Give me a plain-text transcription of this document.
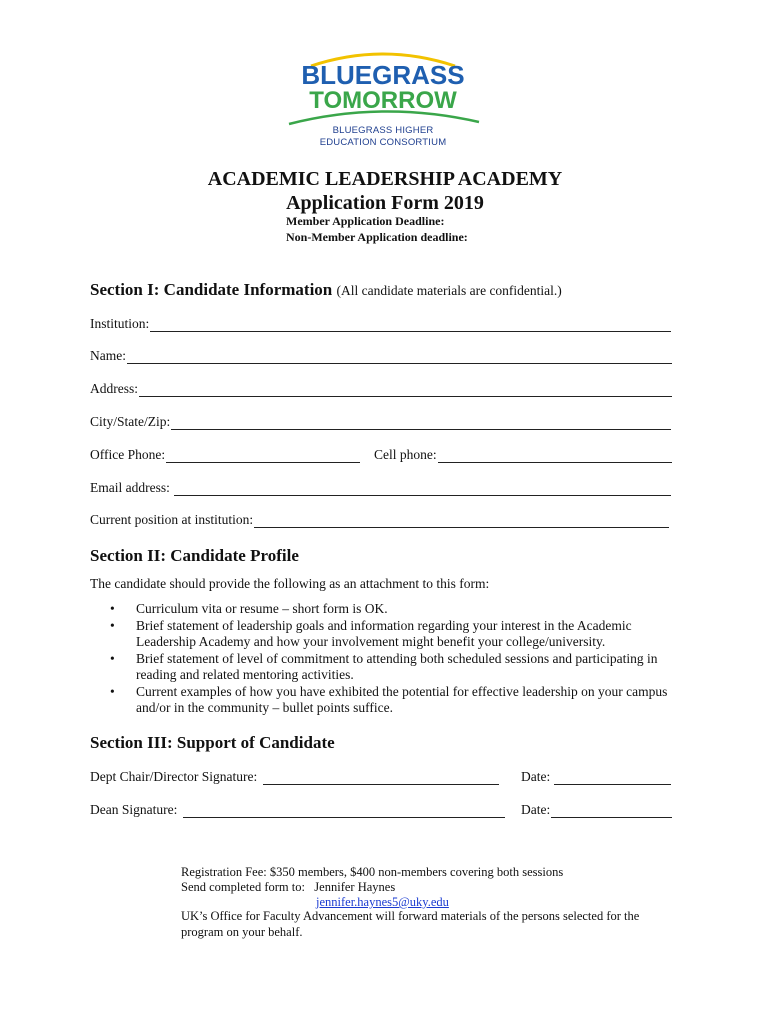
BLUEGRASS
TOMORROW
BLUEGRASS HIGHER
EDUCATION CONSORTIUM
ACADEMIC LEADERSHIP ACADEMY
Application Form 2019
Member Application Deadline:
Non-Member Application deadline:
Section I: Candidate Information (All candidate materials are confidential.)
Institution:
Name:
Address:
City/State/Zip:
Office Phone:	Cell phone:
Email address:
Current position at institution:
Section II: Candidate Profile
The candidate should provide the following as an attachment to this form:
• Curriculum vita or resume – short form is OK.
• Brief statement of leadership goals and information regarding your interest in the Academic Leadership Academy and how your involvement might benefit your college/university.
• Brief statement of level of commitment to attending both scheduled sessions and participating in reading and related mentoring activities.
• Current examples of how you have exhibited the potential for effective leadership on your campus and/or in the community – bullet points suffice.
Section III: Support of Candidate
Dept Chair/Director Signature:	Date:
Dean Signature:	Date:
Registration Fee: $350 members, $400 non-members covering both sessions
Send completed form to:   Jennifer Haynes
jennifer.haynes5@uky.edu
UK’s Office for Faculty Advancement will forward materials of the persons selected for the program on your behalf.
